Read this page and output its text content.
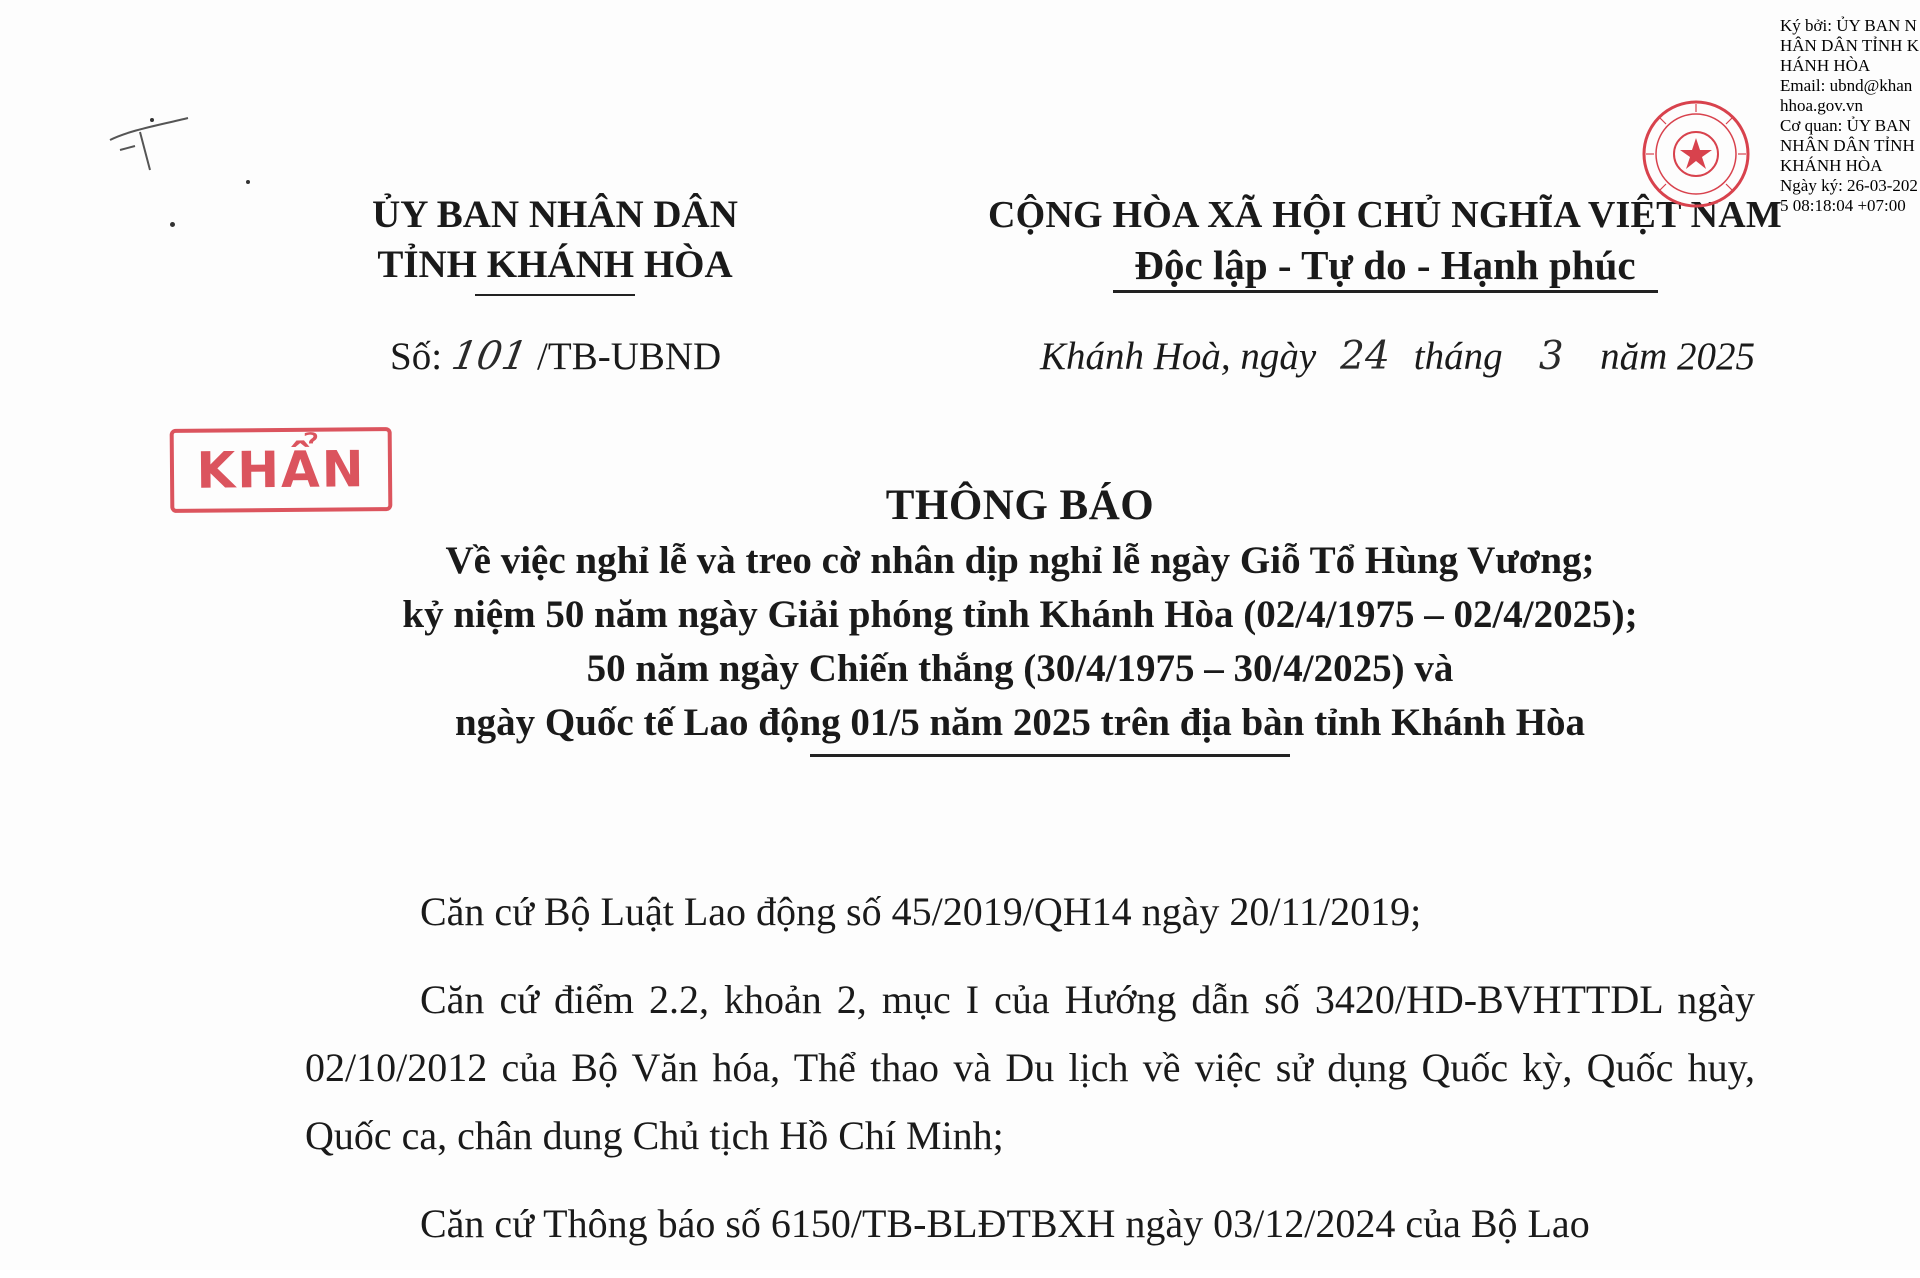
ỦY BAN NHÂN DÂN
TỈNH KHÁNH HÒA
CỘNG HÒA XÃ HỘI CHỦ NGHĨA VIỆT NAM
Độc lập - Tự do - Hạnh phúc
Số: 101 /TB-UBND	Khánh Hoà, ngày 24 tháng 3 năm 2025
KHẨN
THÔNG BÁO
Về việc nghỉ lễ và treo cờ nhân dịp nghỉ lễ ngày Giỗ Tổ Hùng Vương;
kỷ niệm 50 năm ngày Giải phóng tỉnh Khánh Hòa (02/4/1975 – 02/4/2025);
50 năm ngày Chiến thắng (30/4/1975 – 30/4/2025) và
ngày Quốc tế Lao động 01/5 năm 2025 trên địa bàn tỉnh Khánh Hòa

Căn cứ Bộ Luật Lao động số 45/2019/QH14 ngày 20/11/2019;

Căn cứ điểm 2.2, khoản 2, mục I của Hướng dẫn số 3420/HD-BVHTTDL ngày 02/10/2012 của Bộ Văn hóa, Thể thao và Du lịch về việc sử dụng Quốc kỳ, Quốc huy, Quốc ca, chân dung Chủ tịch Hồ Chí Minh;

Căn cứ Thông báo số 6150/TB-BLĐTBXH ngày 03/12/2024 của Bộ Lao

Ký bởi: ỦY BAN NHÂN DÂN TỈNH KHÁNH HÒA
Email: ubnd@khanhhoa.gov.vn
Cơ quan: ỦY BAN NHÂN DÂN TỈNH KHÁNH HÒA
Ngày ký: 26-03-2025 08:18:04 +07:00
